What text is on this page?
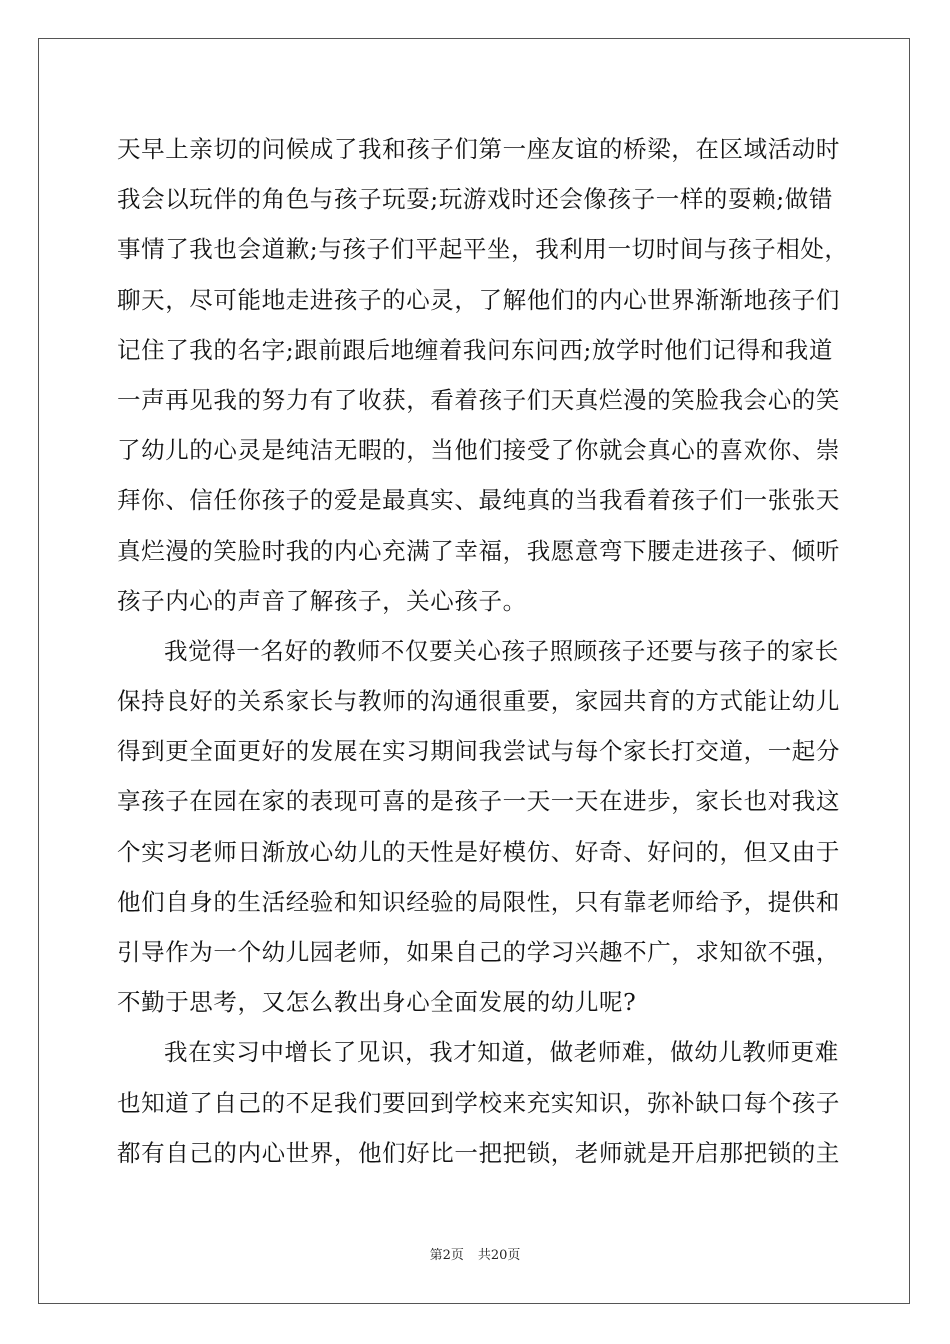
天早上亲切的问候成了我和孩子们第一座友谊的桥梁，在区域活动时
我会以玩伴的角色与孩子玩耍;玩游戏时还会像孩子一样的耍赖;做错
事情了我也会道歉;与孩子们平起平坐，我利用一切时间与孩子相处，
聊天，尽可能地走进孩子的心灵，了解他们的内心世界渐渐地孩子们
记住了我的名字;跟前跟后地缠着我问东问西;放学时他们记得和我道
一声再见我的努力有了收获，看着孩子们天真烂漫的笑脸我会心的笑
了幼儿的心灵是纯洁无暇的，当他们接受了你就会真心的喜欢你、崇
拜你、信任你孩子的爱是最真实、最纯真的当我看着孩子们一张张天
真烂漫的笑脸时我的内心充满了幸福，我愿意弯下腰走进孩子、倾听
孩子内心的声音了解孩子，关心孩子。
我觉得一名好的教师不仅要关心孩子照顾孩子还要与孩子的家长
保持良好的关系家长与教师的沟通很重要，家园共育的方式能让幼儿
得到更全面更好的发展在实习期间我尝试与每个家长打交道，一起分
享孩子在园在家的表现可喜的是孩子一天一天在进步，家长也对我这
个实习老师日渐放心幼儿的天性是好模仿、好奇、好问的，但又由于
他们自身的生活经验和知识经验的局限性，只有靠老师给予，提供和
引导作为一个幼儿园老师，如果自己的学习兴趣不广，求知欲不强，
不勤于思考，又怎么教出身心全面发展的幼儿呢?
我在实习中增长了见识，我才知道，做老师难，做幼儿教师更难
也知道了自己的不足我们要回到学校来充实知识，弥补缺口每个孩子
都有自己的内心世界，他们好比一把把锁，老师就是开启那把锁的主
第2页 共20页
